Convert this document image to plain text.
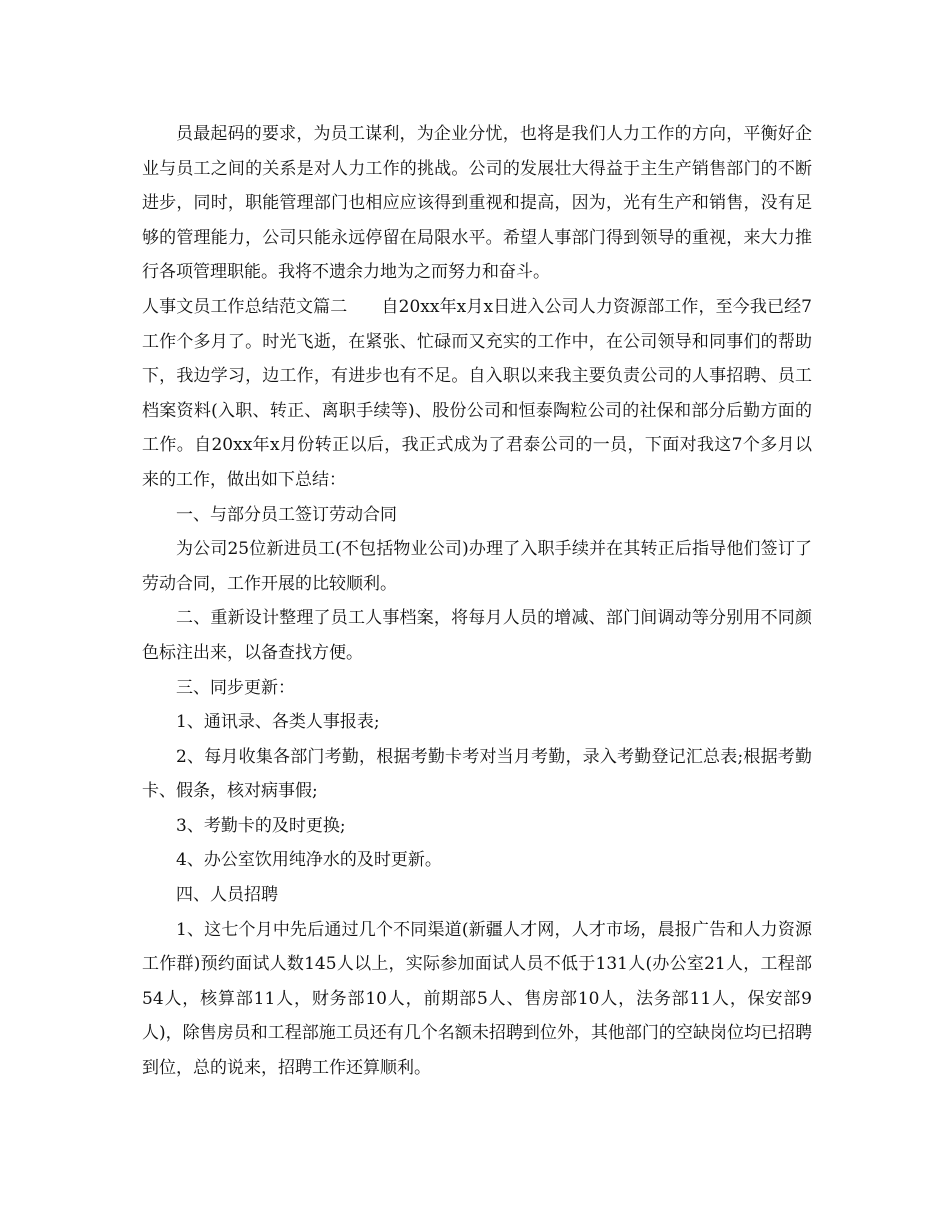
员最起码的要求，为员工谋利，为企业分忧，也将是我们人力工作的方向，平衡好企业与员工之间的关系是对人力工作的挑战。公司的发展壮大得益于主生产销售部门的不断进步，同时，职能管理部门也相应应该得到重视和提高，因为，光有生产和销售，没有足够的管理能力，公司只能永远停留在局限水平。希望人事部门得到领导的重视，来大力推行各项管理职能。我将不遗余力地为之而努力和奋斗。

人事文员工作总结范文篇二　　自20xx年x月x日进入公司人力资源部工作，至今我已经7工作个多月了。时光飞逝，在紧张、忙碌而又充实的工作中，在公司领导和同事们的帮助下，我边学习，边工作，有进步也有不足。自入职以来我主要负责公司的人事招聘、员工档案资料(入职、转正、离职手续等)、股份公司和恒泰陶粒公司的社保和部分后勤方面的工作。自20xx年x月份转正以后，我正式成为了君泰公司的一员，下面对我这7个多月以来的工作，做出如下总结：

一、与部分员工签订劳动合同

为公司25位新进员工(不包括物业公司)办理了入职手续并在其转正后指导他们签订了劳动合同，工作开展的比较顺利。

二、重新设计整理了员工人事档案，将每月人员的增减、部门间调动等分别用不同颜色标注出来，以备查找方便。

三、同步更新：

1、通讯录、各类人事报表;

2、每月收集各部门考勤，根据考勤卡考对当月考勤，录入考勤登记汇总表;根据考勤卡、假条，核对病事假;

3、考勤卡的及时更换;

4、办公室饮用纯净水的及时更新。

四、人员招聘

1、这七个月中先后通过几个不同渠道(新疆人才网，人才市场，晨报广告和人力资源工作群)预约面试人数145人以上，实际参加面试人员不低于131人(办公室21人，工程部54人，核算部11人，财务部10人，前期部5人、售房部10人，法务部11人，保安部9人)，除售房员和工程部施工员还有几个名额未招聘到位外，其他部门的空缺岗位均已招聘到位，总的说来，招聘工作还算顺利。
